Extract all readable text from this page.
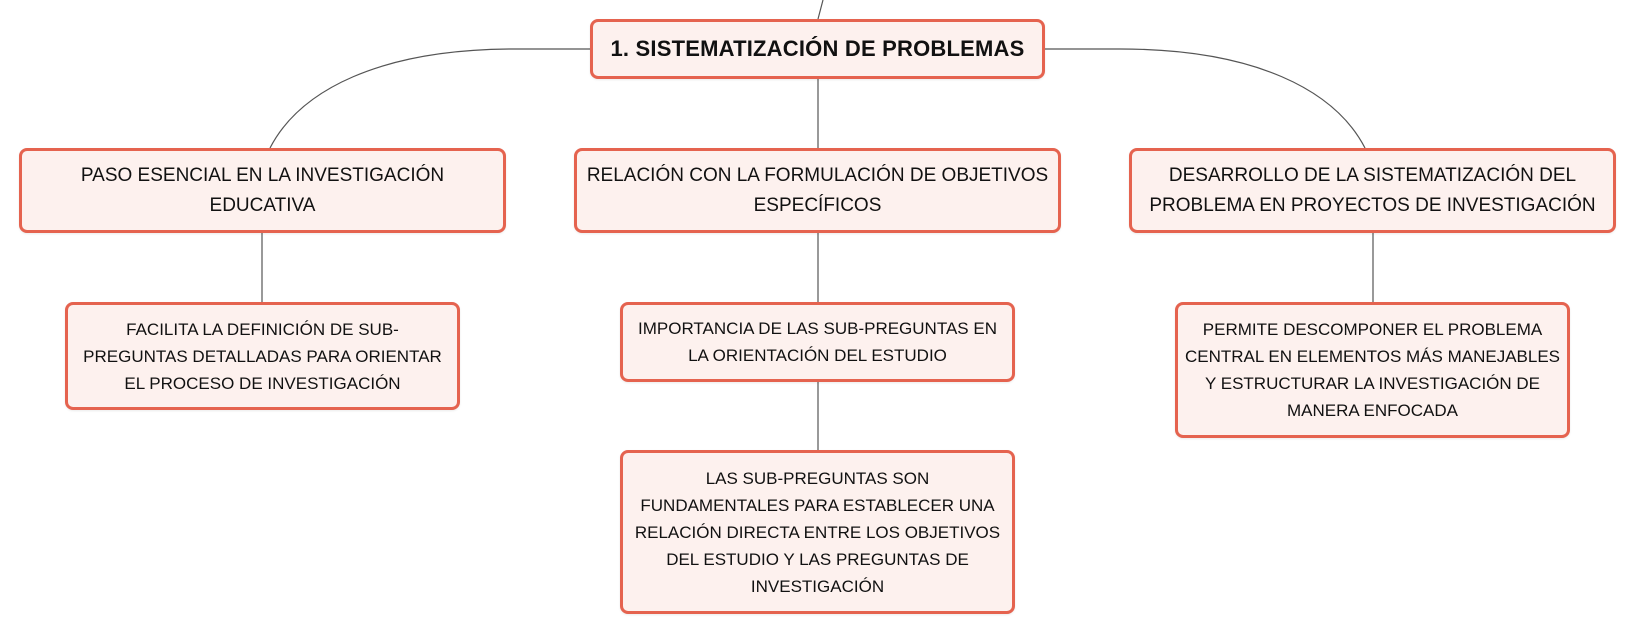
1. SISTEMATIZACIÓN DE PROBLEMAS
PASO ESENCIAL EN LA INVESTIGACIÓN EDUCATIVA
RELACIÓN CON LA FORMULACIÓN DE OBJETIVOS ESPECÍFICOS
DESARROLLO DE LA SISTEMATIZACIÓN DEL PROBLEMA EN PROYECTOS DE INVESTIGACIÓN
FACILITA LA DEFINICIÓN DE SUB-PREGUNTAS DETALLADAS PARA ORIENTAR EL PROCESO DE INVESTIGACIÓN
IMPORTANCIA DE LAS SUB-PREGUNTAS EN LA ORIENTACIÓN DEL ESTUDIO
LAS SUB-PREGUNTAS SON FUNDAMENTALES PARA ESTABLECER UNA RELACIÓN DIRECTA ENTRE LOS OBJETIVOS DEL ESTUDIO Y LAS PREGUNTAS DE INVESTIGACIÓN
PERMITE DESCOMPONER EL PROBLEMA CENTRAL EN ELEMENTOS MÁS MANEJABLES Y ESTRUCTURAR LA INVESTIGACIÓN DE MANERA ENFOCADA
